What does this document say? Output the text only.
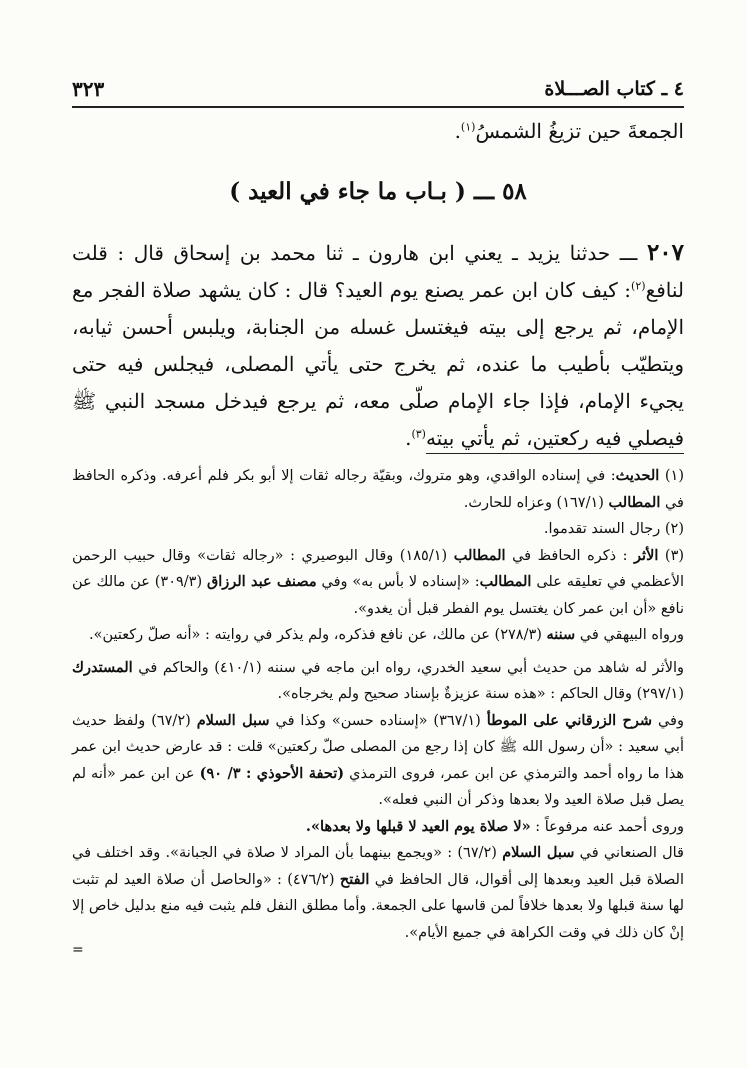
٤ ـ كتاب الصـــلاة
٣٢٣

الجمعةَ حين تزيغُ الشمسُ$^{(١)}$.

٥٨ ـــ ( بـاب ما جاء في العيد )

٢٠٧ ـــ حدثنا يزيد ـ يعني ابن هارون ـ ثنا محمد بن إسحاق قال : قلت لنافع$^{(٢)}$: كيف كان ابن عمر يصنع يوم العيد؟ قال : كان يشهد صلاة الفجر مع الإمام، ثم يرجع إلى بيته فيغتسل غسله من الجنابة، ويلبس أحسن ثيابه، ويتطيّب بأطيب ما عنده، ثم يخرج حتى يأتي المصلى، فيجلس فيه حتى يجيء الإمام، فإذا جاء الإمام صلّى معه، ثم يرجع فيدخل مسجد النبي ﷺ فيصلي فيه ركعتين، ثم يأتي بيته$^{(٣)}$.

(١) الحديث: في إسناده الواقدي، وهو متروك، وبقيّة رجاله ثقات إلا أبو بكر فلم أعرفه. وذكره الحافظ في المطالب (١٦٧/١) وعزاه للحارث.

(٢) رجال السند تقدموا.

(٣) الأثر : ذكره الحافظ في المطالب (١٨٥/١) وقال البوصيري : «رجاله ثقات» وقال حبيب الرحمن الأعظمي في تعليقه على المطالب: «إسناده لا بأس به» وفي مصنف عبد الرزاق (٣٠٩/٣) عن مالك عن نافع «أن ابن عمر كان يغتسل يوم الفطر قبل أن يغدو».

ورواه البيهقي في سننه (٢٧٨/٣) عن مالك، عن نافع فذكره، ولم يذكر في روايته : «أنه صلّ ركعتين».

والأثر له شاهد من حديث أبي سعيد الخدري، رواه ابن ماجه في سننه (٤١٠/١) والحاكم في المستدرك (٢٩٧/١) وقال الحاكم : «هذه سنة عزيزةٌ بإسناد صحيح ولم يخرجاه».

وفي شرح الزرقاني على الموطأ (٣٦٧/١) «إسناده حسن» وكذا في سبل السلام (٦٧/٢) ولفظ حديث أبي سعيد : «أن رسول الله ﷺ كان إذا رجع من المصلى صلّ ركعتين» قلت : قد عارض حديث ابن عمر هذا ما رواه أحمد والترمذي عن ابن عمر، فروى الترمذي (تحفة الأحوذي : ٣/ ٩٠) عن ابن عمر «أنه لم يصل قبل صلاة العيد ولا بعدها وذكر أن النبي فعله».

وروى أحمد عنه مرفوعاً : «لا صلاة يوم العيد لا قبلها ولا بعدها».

قال الصنعاني في سبل السلام (٦٧/٢) : «ويجمع بينهما بأن المراد لا صلاة في الجبانة». وقد اختلف في الصلاة قبل العيد وبعدها إلى أقوال، قال الحافظ في الفتح (٤٧٦/٢) : «والحاصل أن صلاة العيد لم تثبت لها سنة قبلها ولا بعدها خلافاً لمن قاسها على الجمعة. وأما مطلق النفل فلم يثبت فيه منع بدليل خاص إلا إنْ كان ذلك في وقت الكراهة في جميع الأيام».

=
